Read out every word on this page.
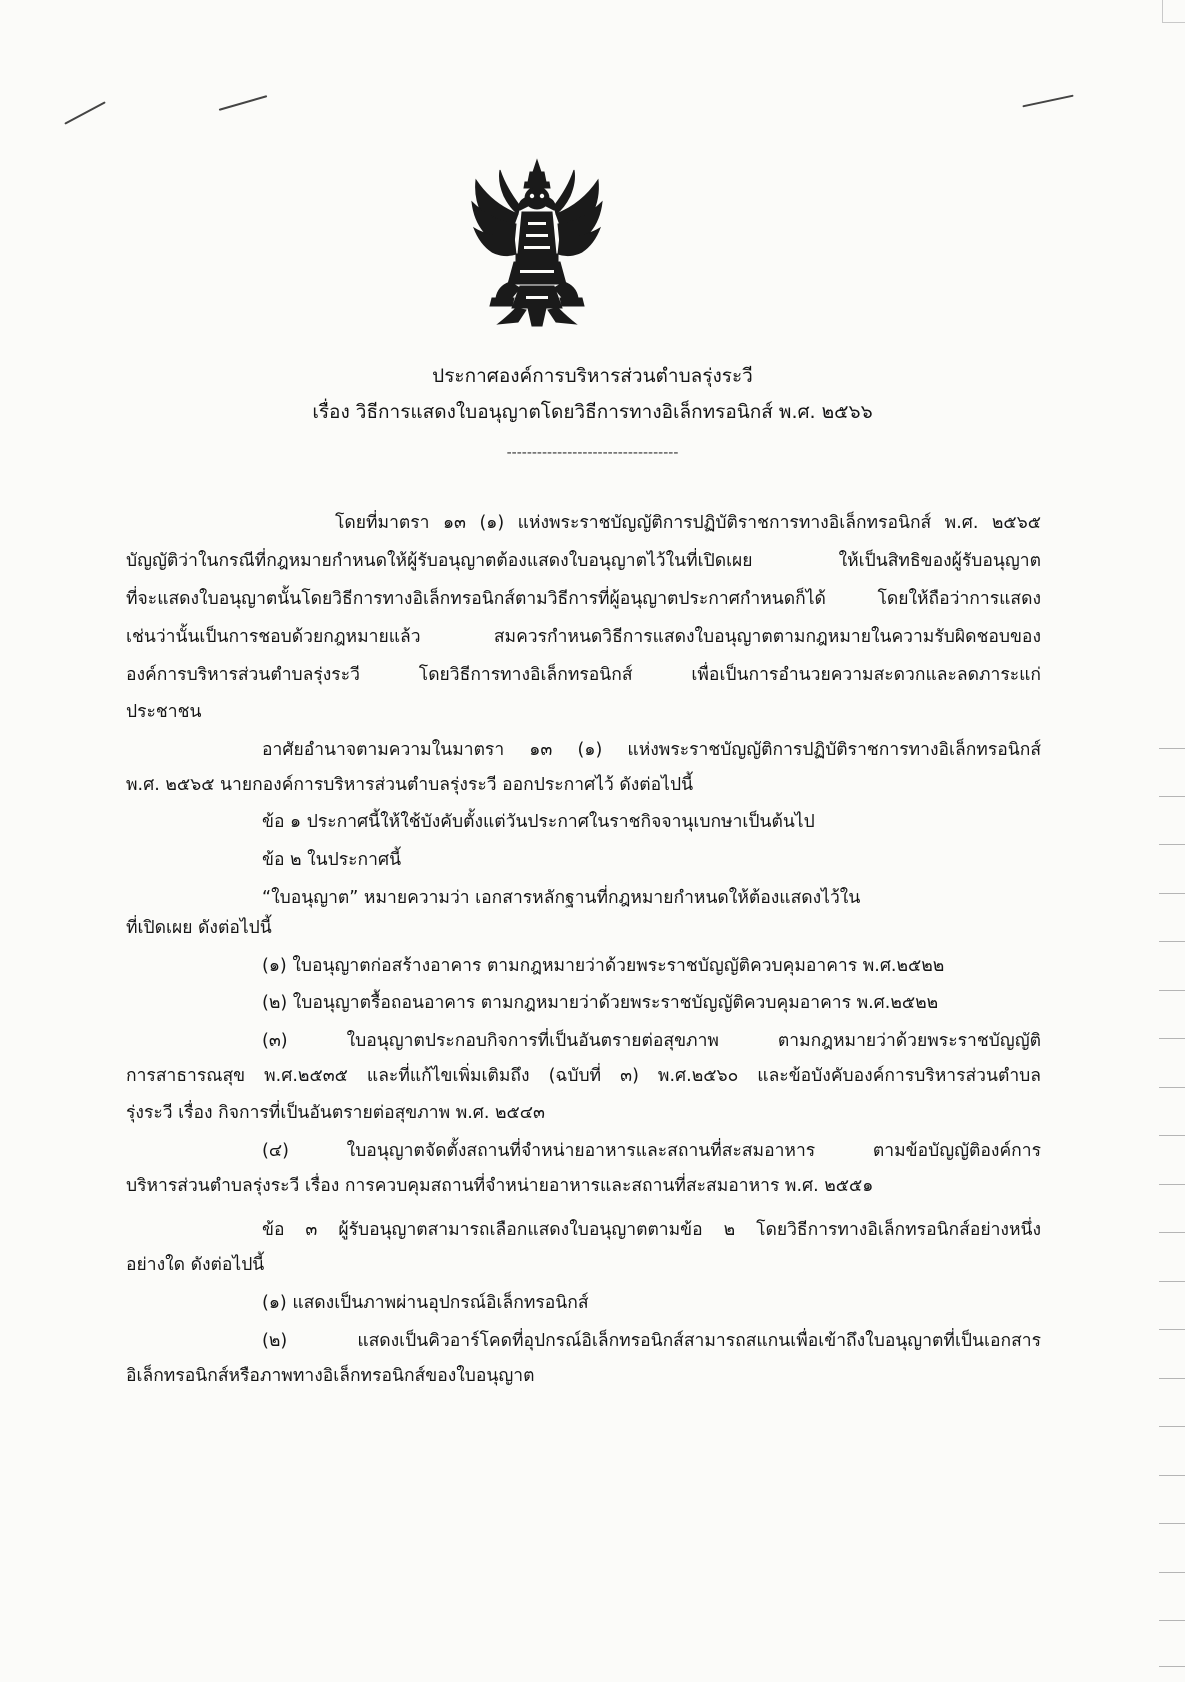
ประกาศองค์การบริหารส่วนตำบลรุ่งระวี
เรื่อง วิธีการแสดงใบอนุญาตโดยวิธีการทางอิเล็กทรอนิกส์ พ.ศ. ๒๕๖๖
----------------------------------
โดยที่มาตรา ๑๓ (๑) แห่งพระราชบัญญัติการปฏิบัติราชการทางอิเล็กทรอนิกส์ พ.ศ. ๒๕๖๕
บัญญัติว่าในกรณีที่กฎหมายกำหนดให้ผู้รับอนุญาตต้องแสดงใบอนุญาตไว้ในที่เปิดเผย ให้เป็นสิทธิของผู้รับอนุญาต
ที่จะแสดงใบอนุญาตนั้นโดยวิธีการทางอิเล็กทรอนิกส์ตามวิธีการที่ผู้อนุญาตประกาศกำหนดก็ได้ โดยให้ถือว่าการแสดง
เช่นว่านั้นเป็นการชอบด้วยกฎหมายแล้ว สมควรกำหนดวิธีการแสดงใบอนุญาตตามกฎหมายในความรับผิดชอบของ
องค์การบริหารส่วนตำบลรุ่งระวี โดยวิธีการทางอิเล็กทรอนิกส์ เพื่อเป็นการอำนวยความสะดวกและลดภาระแก่
ประชาชน
อาศัยอำนาจตามความในมาตรา ๑๓ (๑) แห่งพระราชบัญญัติการปฏิบัติราชการทางอิเล็กทรอนิกส์
พ.ศ. ๒๕๖๕ นายกองค์การบริหารส่วนตำบลรุ่งระวี ออกประกาศไว้ ดังต่อไปนี้
ข้อ ๑ ประกาศนี้ให้ใช้บังคับตั้งแต่วันประกาศในราชกิจจานุเบกษาเป็นต้นไป
ข้อ ๒ ในประกาศนี้
“ใบอนุญาต” หมายความว่า เอกสารหลักฐานที่กฎหมายกำหนดให้ต้องแสดงไว้ใน
ที่เปิดเผย ดังต่อไปนี้
(๑) ใบอนุญาตก่อสร้างอาคาร ตามกฎหมายว่าด้วยพระราชบัญญัติควบคุมอาคาร พ.ศ.๒๕๒๒
(๒) ใบอนุญาตรื้อถอนอาคาร ตามกฎหมายว่าด้วยพระราชบัญญัติควบคุมอาคาร พ.ศ.๒๕๒๒
(๓) ใบอนุญาตประกอบกิจการที่เป็นอันตรายต่อสุขภาพ ตามกฎหมายว่าด้วยพระราชบัญญัติ
การสาธารณสุข พ.ศ.๒๕๓๕ และที่แก้ไขเพิ่มเติมถึง (ฉบับที่ ๓) พ.ศ.๒๕๖๐ และข้อบังคับองค์การบริหารส่วนตำบล
รุ่งระวี เรื่อง กิจการที่เป็นอันตรายต่อสุขภาพ พ.ศ. ๒๕๔๓
(๔) ใบอนุญาตจัดตั้งสถานที่จำหน่ายอาหารและสถานที่สะสมอาหาร ตามข้อบัญญัติองค์การ
บริหารส่วนตำบลรุ่งระวี เรื่อง การควบคุมสถานที่จำหน่ายอาหารและสถานที่สะสมอาหาร พ.ศ. ๒๕๕๑
ข้อ ๓ ผู้รับอนุญาตสามารถเลือกแสดงใบอนุญาตตามข้อ ๒ โดยวิธีการทางอิเล็กทรอนิกส์อย่างหนึ่ง
อย่างใด ดังต่อไปนี้
(๑) แสดงเป็นภาพผ่านอุปกรณ์อิเล็กทรอนิกส์
(๒) แสดงเป็นคิวอาร์โคดที่อุปกรณ์อิเล็กทรอนิกส์สามารถสแกนเพื่อเข้าถึงใบอนุญาตที่เป็นเอกสาร
อิเล็กทรอนิกส์หรือภาพทางอิเล็กทรอนิกส์ของใบอนุญาต
